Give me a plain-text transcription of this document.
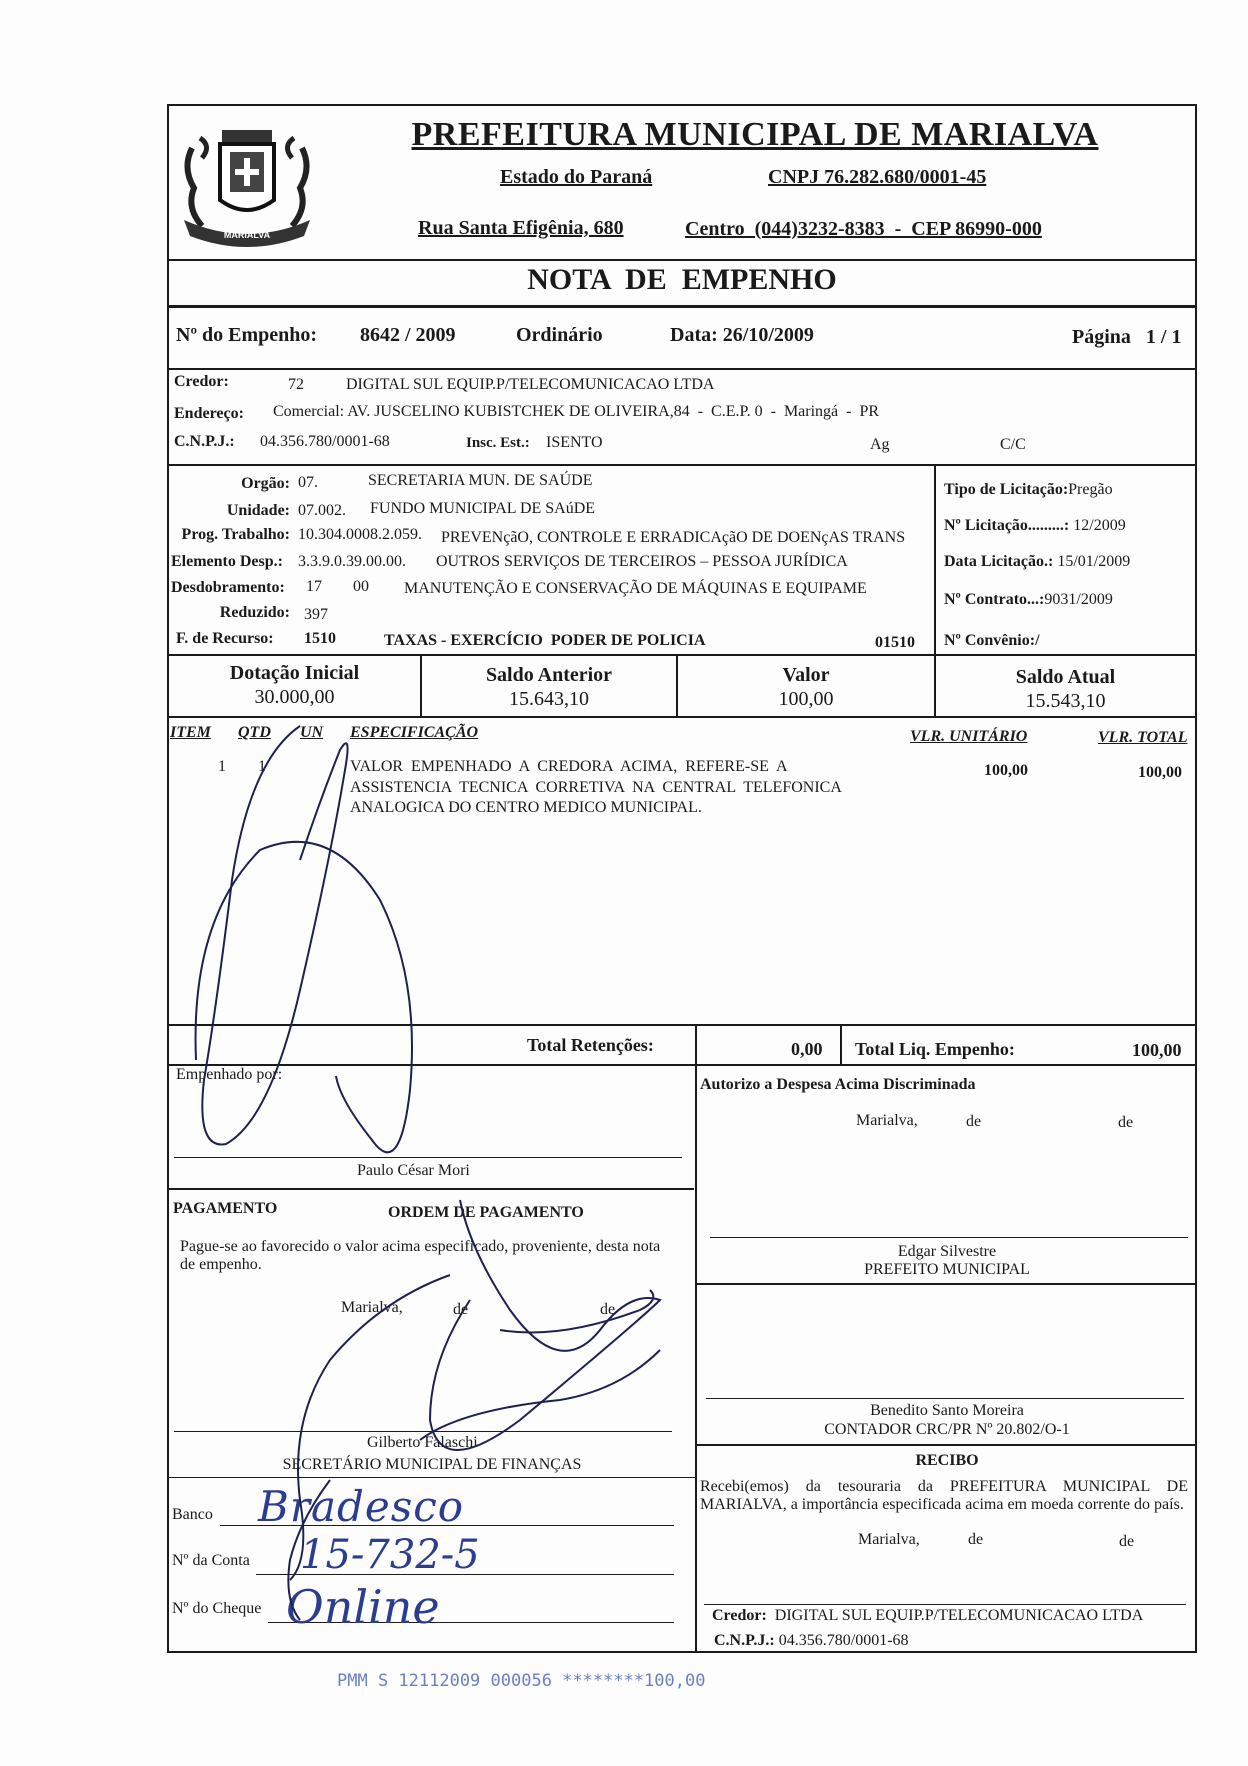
MARIALVA
PREFEITURA MUNICIPAL DE MARIALVA
Estado do Paraná	CNPJ 76.282.680/0001-45
Rua Santa Efigênia, 680	Centro  (044)3232-8383  -  CEP 86990-000
NOTA  DE  EMPENHO
Nº do Empenho: 8642 / 2009	Ordinário	Data: 26/10/2009	Página   1 / 1
Credor:	72	DIGITAL SUL EQUIP.P/TELECOMUNICACAO LTDA
Endereço: Comercial: AV. JUSCELINO KUBISTCHEK DE OLIVEIRA,84  -  C.E.P. 0  -  Maringá  -  PR
C.N.P.J.: 04.356.780/0001-68	Insc. Est.: ISENTO	Ag	C/C
Orgão: 07.	SECRETARIA MUN. DE SAÚDE
Unidade: 07.002. FUNDO MUNICIPAL DE SAúDE
Prog. Trabalho: 10.304.0008.2.059. PREVENçãO, CONTROLE E ERRADICAçãO DE DOENçAS TRANS
Elemento Desp.: 3.3.9.0.39.00.00. OUTROS SERVIÇOS DE TERCEIROS – PESSOA JURÍDICA
Desdobramento: 17 00 MANUTENÇÃO E CONSERVAÇÃO DE MÁQUINAS E EQUIPAME
Reduzido: 397
F. de Recurso: 1510	TAXAS - EXERCÍCIO  PODER DE POLICIA	01510
Tipo de Licitação:Pregão
Nº Licitação.........: 12/2009
Data Licitação.: 15/01/2009
Nº Contrato...:9031/2009
Nº Convênio:/
Dotação Inicial
30.000,00
Saldo Anterior
15.643,10
Valor
100,00
Saldo Atual
15.543,10
ITEM QTD UN ESPECIFICAÇÃO	VLR. UNITÁRIO	VLR. TOTAL
1 1	VALOR  EMPENHADO  A  CREDORA  ACIMA,  REFERE-SE  A
ASSISTENCIA  TECNICA  CORRETIVA  NA  CENTRAL  TELEFONICA
ANALOGICA DO CENTRO MEDICO MUNICIPAL.
100,00	100,00
Total Retenções:	0,00 Total Liq. Empenho:	100,00
Empenhado por:
Paulo César Mori
Autorizo a Despesa Acima Discriminada
Marialva,	de	de
Edgar Silvestre
PREFEITO MUNICIPAL
Benedito Santo Moreira
CONTADOR CRC/PR Nº 20.802/O-1
PAGAMENTO	ORDEM DE PAGAMENTO
Pague-se ao favorecido o valor acima especificado, proveniente, desta nota de empenho.
Marialva,	de	de
Gilberto Falaschi
SECRETÁRIO MUNICIPAL DE FINANÇAS
Banco
Nº da Conta
Nº do Cheque
Bradesco
15-732-5
Online
RECIBO
Recebi(emos) da tesouraria da PREFEITURA MUNICIPAL DE MARIALVA, a importância especificada acima em moeda corrente do país.
Marialva,	de	de
Credor: DIGITAL SUL EQUIP.P/TELECOMUNICACAO LTDA
C.N.P.J.: 04.356.780/0001-68
PMM S 12112009 000056 ********100,00
